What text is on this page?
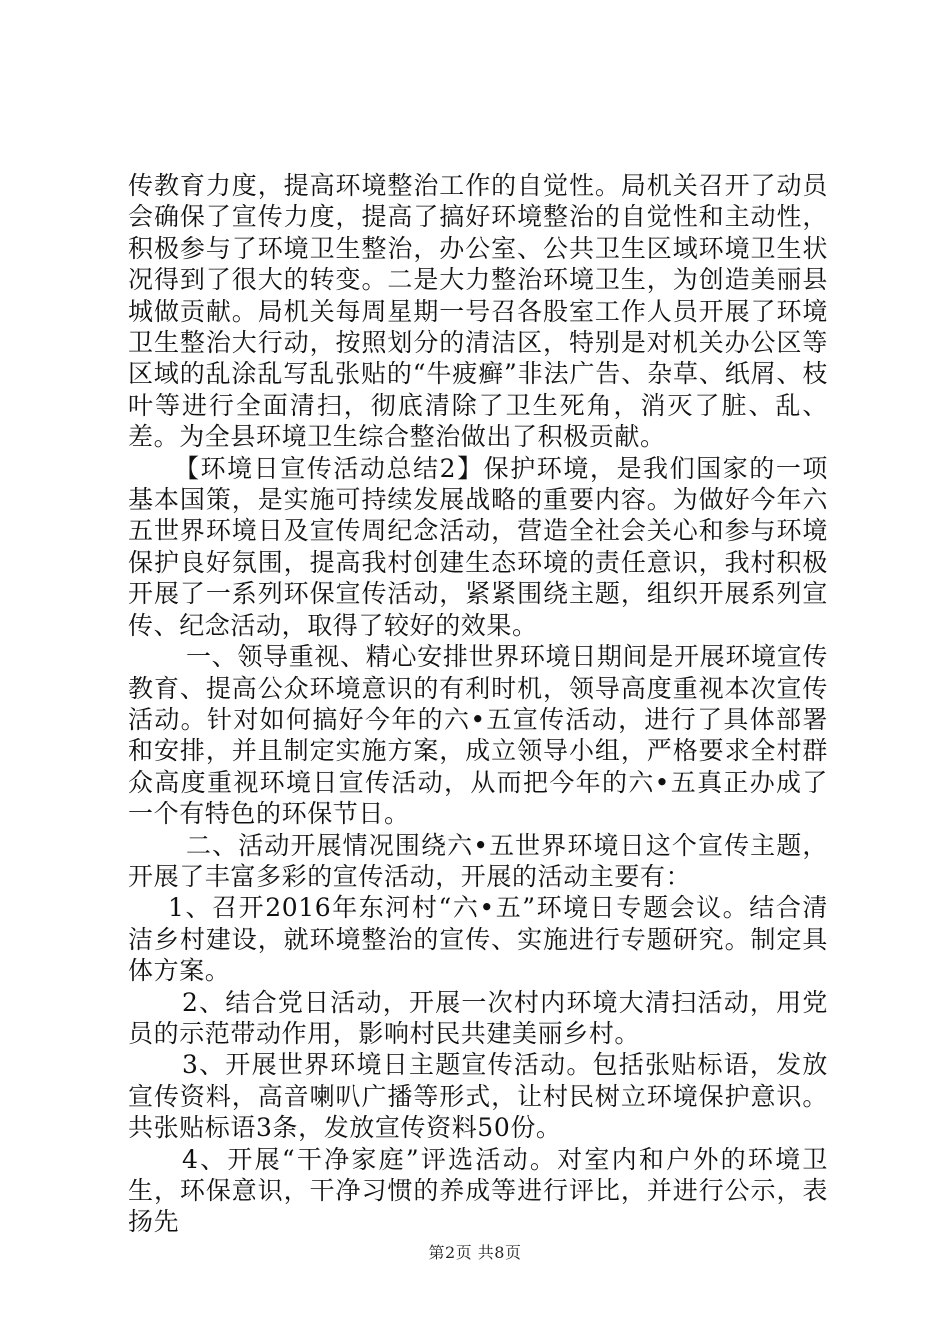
传教育力度，提高环境整治工作的自觉性。局机关召开了动员会确保了宣传力度，提高了搞好环境整治的自觉性和主动性，积极参与了环境卫生整治，办公室、公共卫生区域环境卫生状况得到了很大的转变。二是大力整治环境卫生，为创造美丽县城做贡献。局机关每周星期一号召各股室工作人员开展了环境卫生整治大行动，按照划分的清洁区，特别是对机关办公区等区域的乱涂乱写乱张贴的“牛疲癣”非法广告、杂草、纸屑、枝叶等进行全面清扫，彻底清除了卫生死角，消灭了脏、乱、差。为全县环境卫生综合整治做出了积极贡献。

【环境日宣传活动总结2】保护环境，是我们国家的一项基本国策，是实施可持续发展战略的重要内容。为做好今年六五世界环境日及宣传周纪念活动，营造全社会关心和参与环境保护良好氛围，提高我村创建生态环境的责任意识，我村积极开展了一系列环保宣传活动，紧紧围绕主题，组织开展系列宣传、纪念活动，取得了较好的效果。

一、领导重视、精心安排世界环境日期间是开展环境宣传教育、提高公众环境意识的有利时机，领导高度重视本次宣传活动。针对如何搞好今年的六•五宣传活动，进行了具体部署和安排，并且制定实施方案，成立领导小组，严格要求全村群众高度重视环境日宣传活动，从而把今年的六•五真正办成了一个有特色的环保节日。

二、活动开展情况围绕六•五世界环境日这个宣传主题，开展了丰富多彩的宣传活动，开展的活动主要有：

1、召开2016年东河村“六•五”环境日专题会议。结合清洁乡村建设，就环境整治的宣传、实施进行专题研究。制定具体方案。

2、结合党日活动，开展一次村内环境大清扫活动，用党员的示范带动作用，影响村民共建美丽乡村。

3、开展世界环境日主题宣传活动。包括张贴标语，发放宣传资料，高音喇叭广播等形式，让村民树立环境保护意识。共张贴标语3条，发放宣传资料50份。

4、开展“干净家庭”评选活动。对室内和户外的环境卫生，环保意识，干净习惯的养成等进行评比，并进行公示，表扬先

第2页 共8页
